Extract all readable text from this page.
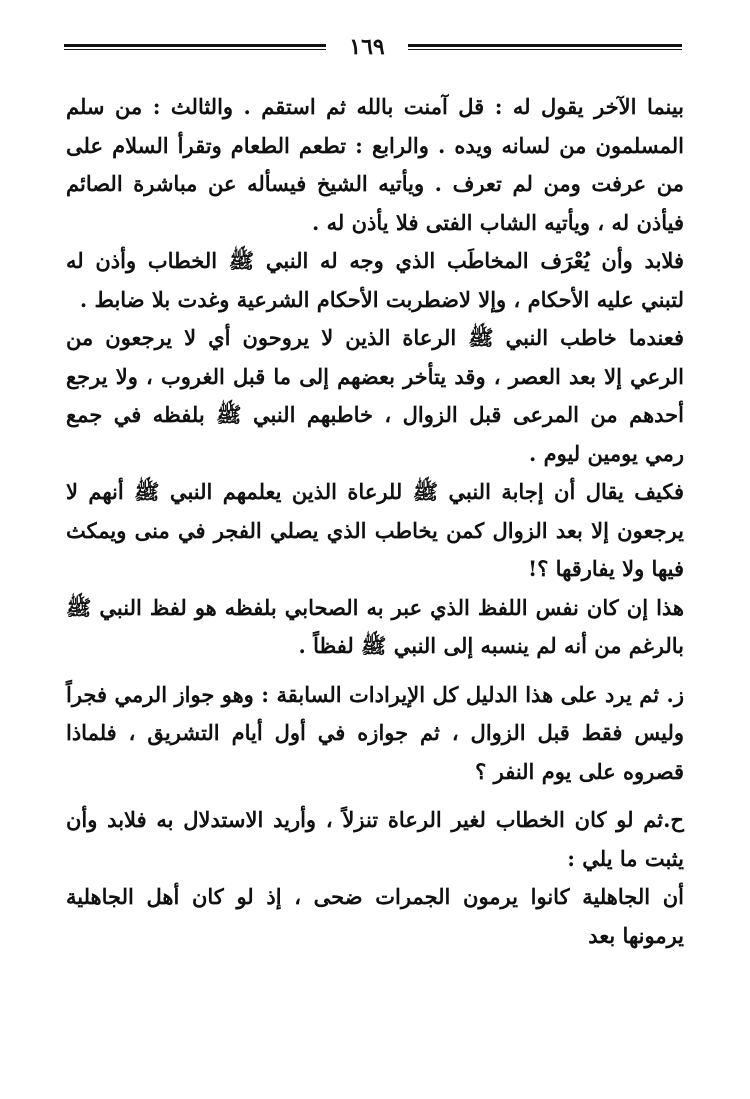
١٦٩

بينما الآخر يقول له : قل آمنت بالله ثم استقم . والثالث : من سلم المسلمون من لسانه ويده . والرابع : تطعم الطعام وتقرأ السلام على من عرفت ومن لم تعرف . ويأتيه الشيخ فيسأله عن مباشرة الصائم فيأذن له ، ويأتيه الشاب الفتى فلا يأذن له .

فلابد وأن يُعْرَف المخاطَب الذي وجه له النبي ﷺ الخطاب وأذن له لتبني عليه الأحكام ، وإلا لاضطربت الأحكام الشرعية وغدت بلا ضابط .

فعندما خاطب النبي ﷺ الرعاة الذين لا يروحون أي لا يرجعون من الرعي إلا بعد العصر ، وقد يتأخر بعضهم إلى ما قبل الغروب ، ولا يرجع أحدهم من المرعى قبل الزوال ، خاطبهم النبي ﷺ بلفظه في جمع رمي يومين ليوم .

فكيف يقال أن إجابة النبي ﷺ للرعاة الذين يعلمهم النبي ﷺ أنهم لا يرجعون إلا بعد الزوال كمن يخاطب الذي يصلي الفجر في منى ويمكث فيها ولا يفارقها ؟!

هذا إن كان نفس اللفظ الذي عبر به الصحابي بلفظه هو لفظ النبي ﷺ بالرغم من أنه لم ينسبه إلى النبي ﷺ لفظاً .

ز. ثم يرد على هذا الدليل كل الإيرادات السابقة : وهو جواز الرمي فجراً وليس فقط قبل الزوال ، ثم جوازه في أول أيام التشريق ، فلماذا قصروه على يوم النفر ؟

ح.ثم لو كان الخطاب لغير الرعاة تنزلاً ، وأريد الاستدلال به فلابد وأن يثبت ما يلي :

أن الجاهلية كانوا يرمون الجمرات ضحى ، إذ لو كان أهل الجاهلية يرمونها بعد
